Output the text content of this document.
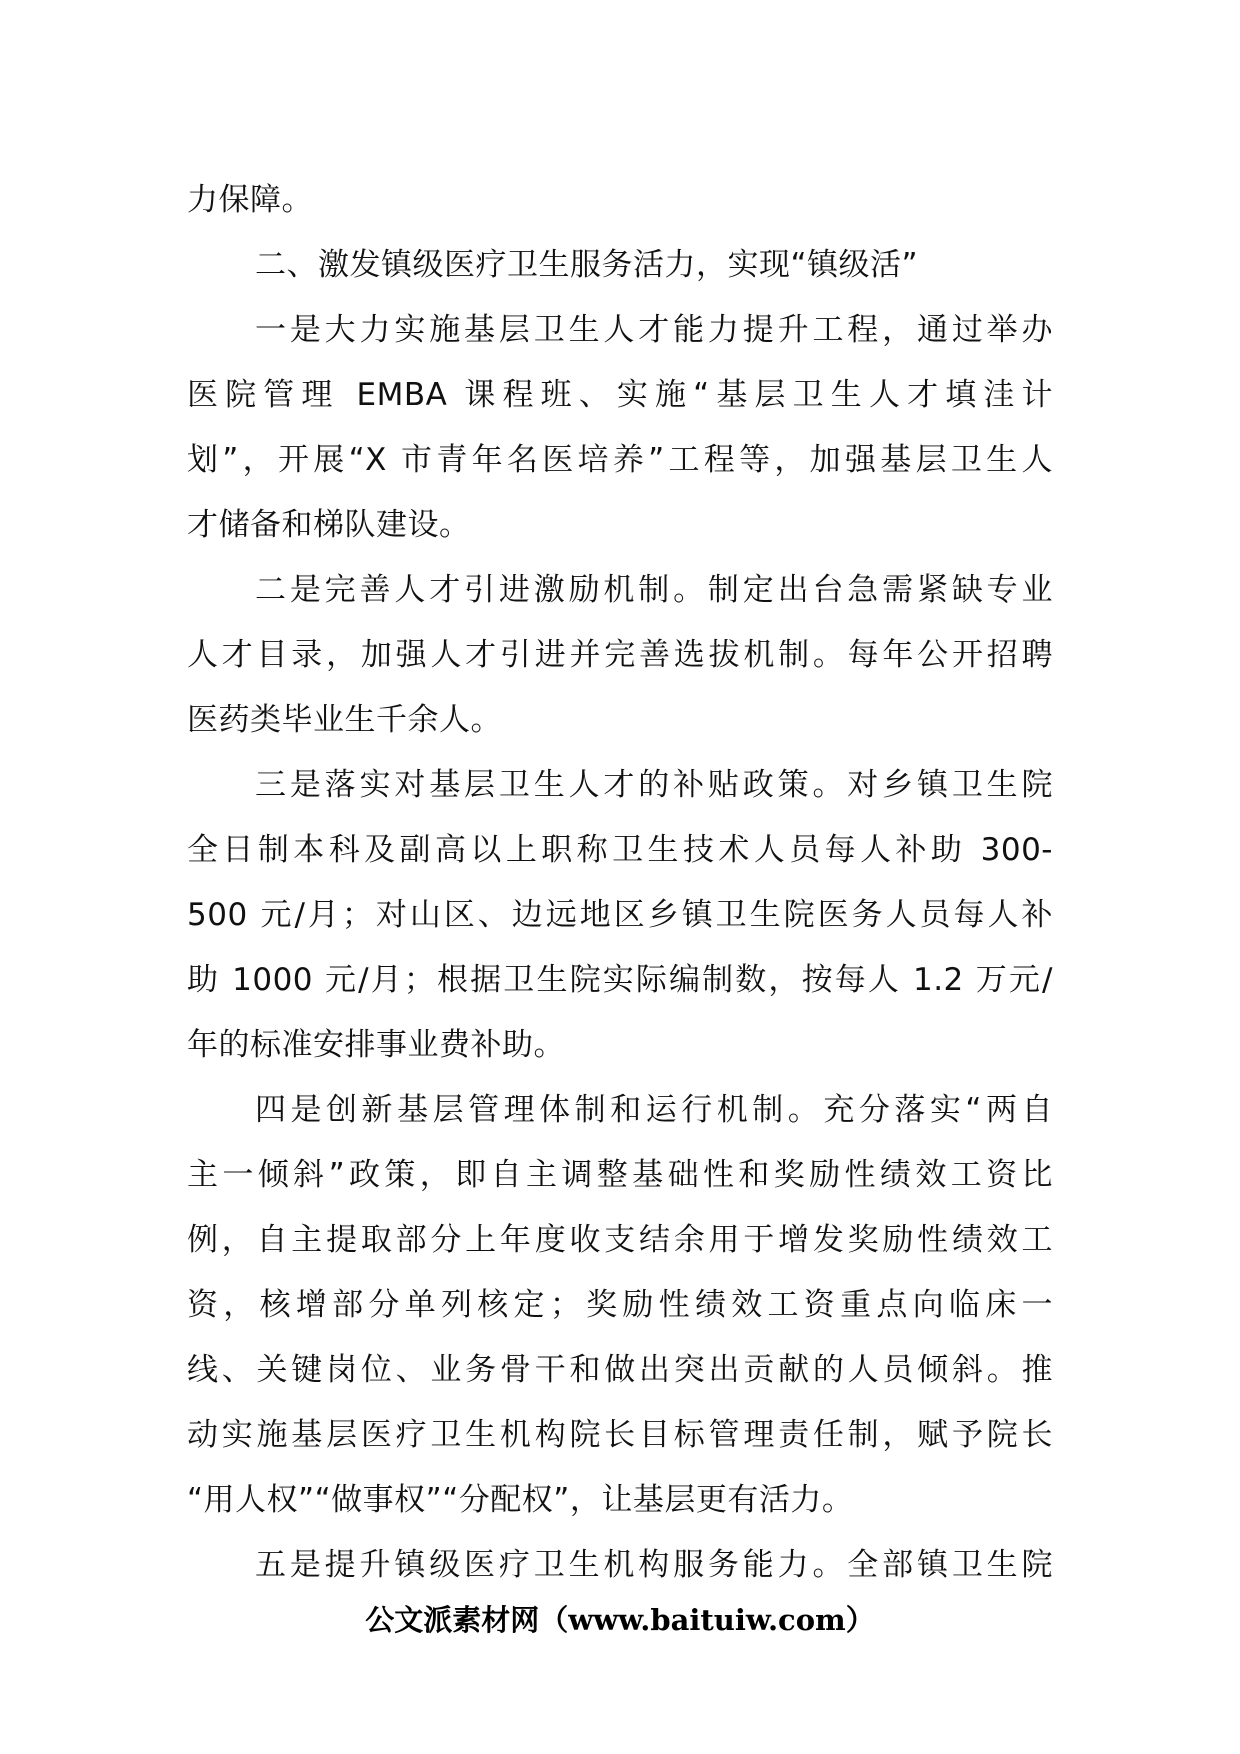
力保障。
二、激发镇级医疗卫生服务活力，实现“镇级活”
一是大力实施基层卫生人才能力提升工程，通过举办
医院管理 EMBA 课程班、实施“基层卫生人才填洼计
划”，开展“X 市青年名医培养”工程等，加强基层卫生人
才储备和梯队建设。
二是完善人才引进激励机制。制定出台急需紧缺专业
人才目录，加强人才引进并完善选拔机制。每年公开招聘
医药类毕业生千余人。
三是落实对基层卫生人才的补贴政策。对乡镇卫生院
全日制本科及副高以上职称卫生技术人员每人补助 300-
500 元/月；对山区、边远地区乡镇卫生院医务人员每人补
助 1000 元/月；根据卫生院实际编制数，按每人 1.2 万元/
年的标准安排事业费补助。
四是创新基层管理体制和运行机制。充分落实“两自
主一倾斜”政策，即自主调整基础性和奖励性绩效工资比
例，自主提取部分上年度收支结余用于增发奖励性绩效工
资，核增部分单列核定；奖励性绩效工资重点向临床一
线、关键岗位、业务骨干和做出突出贡献的人员倾斜。推
动实施基层医疗卫生机构院长目标管理责任制，赋予院长
“用人权”“做事权”“分配权”，让基层更有活力。
五是提升镇级医疗卫生机构服务能力。全部镇卫生院
公文派素材网（www.baituiw.com）
